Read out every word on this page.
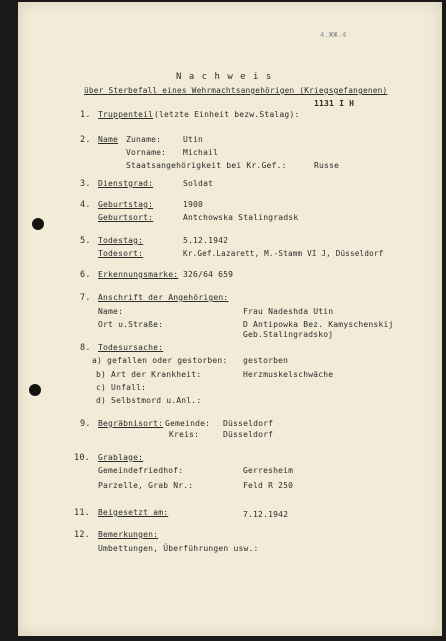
4.ЖЖ.4
N a c h w e i s
über Sterbefall eines Wehrmachtsangehörigen (Kriegsgefangenen)
1131 I H
1. Truppenteil (letzte Einheit bezw.Stalag):
2. Name Zuname:	Utin
Vorname: Michail
Staatsangehörigkeit bei Kr.Gef.:	Russe
3. Dienstgrad:	Soldat
4. Geburtstag:	1900
Geburtsort:	Antchowska Stalingradsk
5. Todestag:	5.12.1942
Todesort:	Kr.Gef.Lazarett, M.-Stamm VI J, Düsseldorf
6. Erkennungsmarke: 326/64 659
7. Anschrift der Angehörigen:
Name:	Frau Nadeshda Utin
Ort u.Straße:	D Antipowka Bez. Kamyschenskij
Geb.Stalingradskoj
8. Todesursache:
a) gefallen oder gestorben: gestorben
b) Art der Krankheit:	Herzmuskelschwäche
c) Unfall:
d) Selbstmord u.Anl.:
9. Begräbnisort: Gemeinde: Düsseldorf
Kreis:	Düsseldorf
10. Grablage:
Gemeindefriedhof:	Gerresheim
Parzelle, Grab Nr.:	Feld R 250
11. Beigesetzt am:	7.12.1942
12. Bemerkungen:
Umbettungen, Überführungen usw.:
